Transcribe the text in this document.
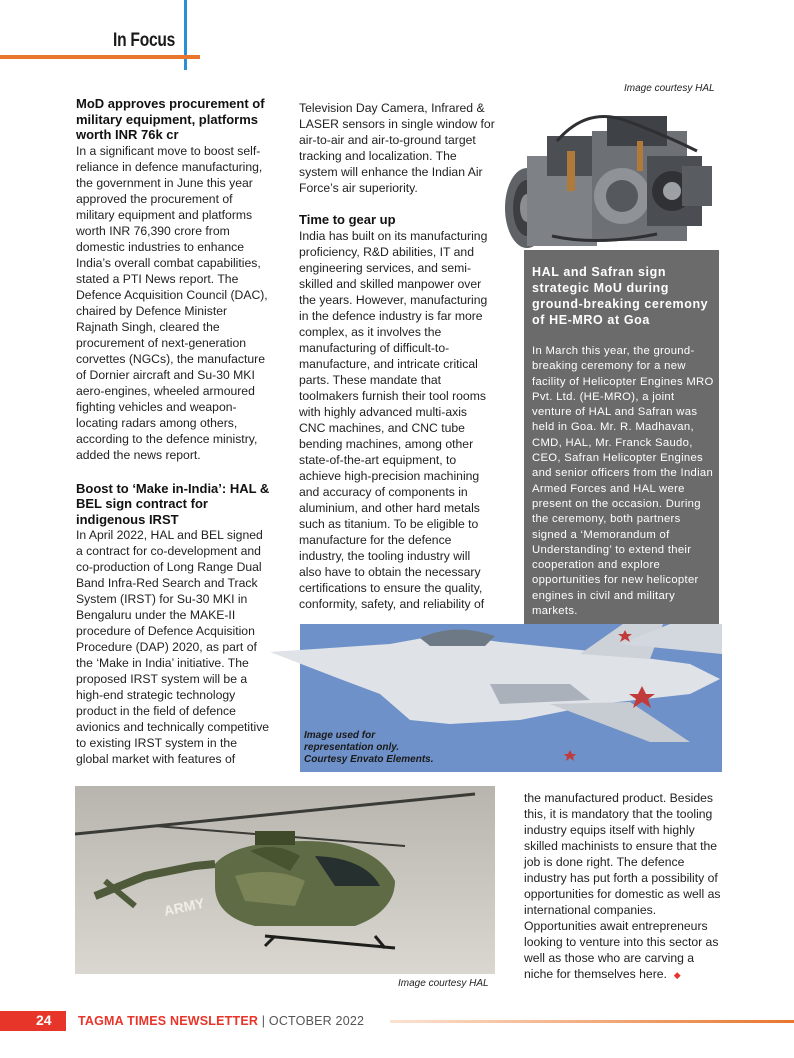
In Focus

MoD approves procurement of military equipment, platforms worth INR 76k cr

In a significant move to boost self-reliance in defence manufacturing, the government in June this year approved the procurement of military equipment and platforms worth INR 76,390 crore from domestic industries to enhance India’s overall combat capabilities, stated a PTI News report. The Defence Acquisition Council (DAC), chaired by Defence Minister Rajnath Singh, cleared the procurement of next-generation corvettes (NGCs), the manufacture of Dornier aircraft and Su-30 MKI aero-engines, wheeled armoured fighting vehicles and weapon-locating radars among others, according to the defence ministry, added the news report.

Boost to ‘Make in-India’: HAL & BEL sign contract for indigenous IRST

In April 2022, HAL and BEL signed a contract for co-development and co-production of Long Range Dual Band Infra-Red Search and Track System (IRST) for Su-30 MKI in Bengaluru under the MAKE-II procedure of Defence Acquisition Procedure (DAP) 2020, as part of the ‘Make in India’ initiative. The proposed IRST system will be a high-end strategic technology product in the field of defence avionics and technically competitive to existing IRST system in the global market with features of

Television Day Camera, Infrared & LASER sensors in single window for air-to-air and air-to-ground target tracking and localization. The system will enhance the Indian Air Force’s air superiority.

Time to gear up

India has built on its manufacturing proficiency, R&D abilities, IT and engineering services, and semi-skilled and skilled manpower over the years. However, manufacturing in the defence industry is far more complex, as it involves the manufacturing of difficult-to-manufacture, and intricate critical parts. These mandate that toolmakers furnish their tool rooms with highly advanced multi-axis CNC machines, and CNC tube bending machines, among other state-of-the-art equipment, to achieve high-precision machining and accuracy of components in aluminium, and other hard metals such as titanium. To be eligible to manufacture for the defence industry, the tooling industry will also have to obtain the necessary certifications to ensure the quality, conformity, safety, and reliability of

Image courtesy HAL
HAL and Safran sign strategic MoU during ground-breaking ceremony of HE-MRO at Goa
In March this year, the ground-breaking ceremony for a new facility of Helicopter Engines MRO Pvt. Ltd. (HE-MRO), a joint venture of HAL and Safran was held in Goa. Mr. R. Madhavan, CMD, HAL, Mr. Franck Saudo, CEO, Safran Helicopter Engines and senior officers from the Indian Armed Forces and HAL were present on the occasion. During the ceremony, both partners signed a ‘Memorandum of Understanding’ to extend their cooperation and explore opportunities for new helicopter engines in civil and military markets.
Image used for
representation only.
Courtesy Envato Elements.
ARMY
Image courtesy HAL

the manufactured product. Besides this, it is mandatory that the tooling industry equips itself with highly skilled machinists to ensure that the job is done right. The defence industry has put forth a possibility of opportunities for domestic as well as international companies. Opportunities await entrepreneurs looking to venture into this sector as well as those who are carving a niche for themselves here. ◆

24 TAGMA TIMES NEWSLETTER | OCTOBER 2022
